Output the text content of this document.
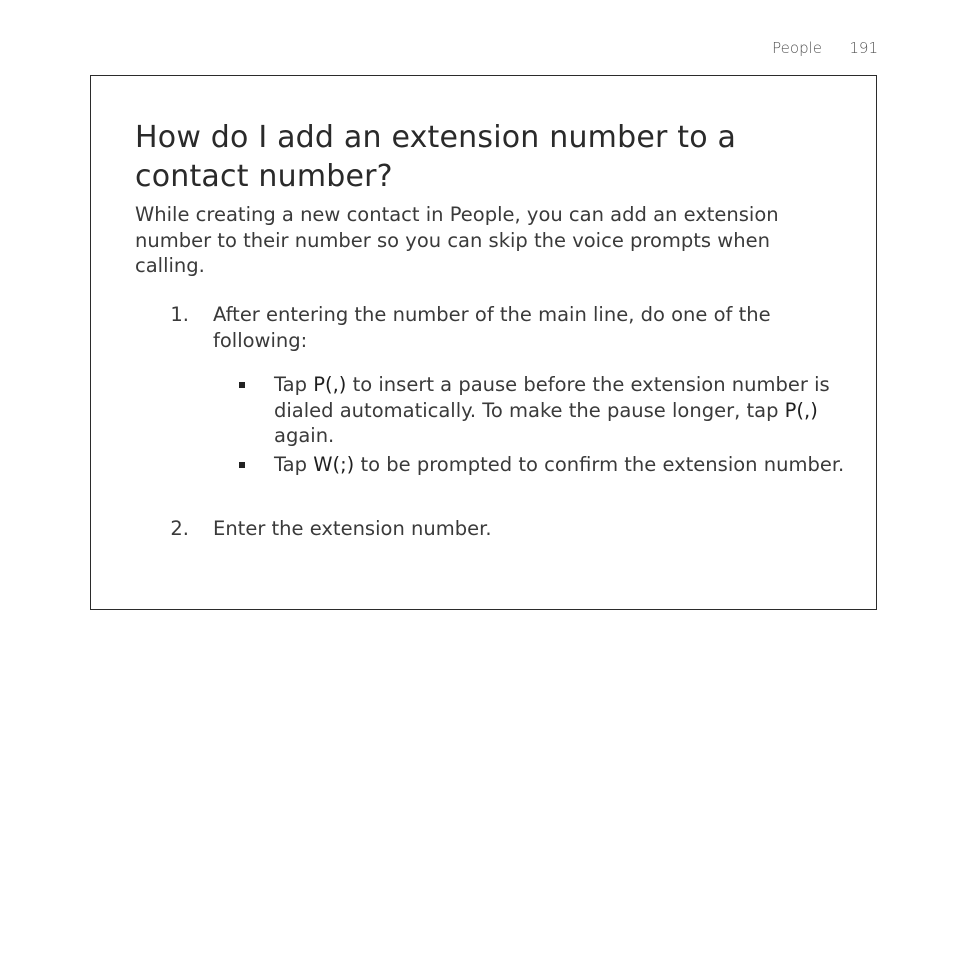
People 191
How do I add an extension number to a contact number?

While creating a new contact in People, you can add an extension number to their number so you can skip the voice prompts when calling.

1. After entering the number of the main line, do one of the following:
Tap P(,) to insert a pause before the extension number is dialed automatically. To make the pause longer, tap P(,) again.
Tap W(;) to be prompted to confirm the extension number.
2. Enter the extension number.
